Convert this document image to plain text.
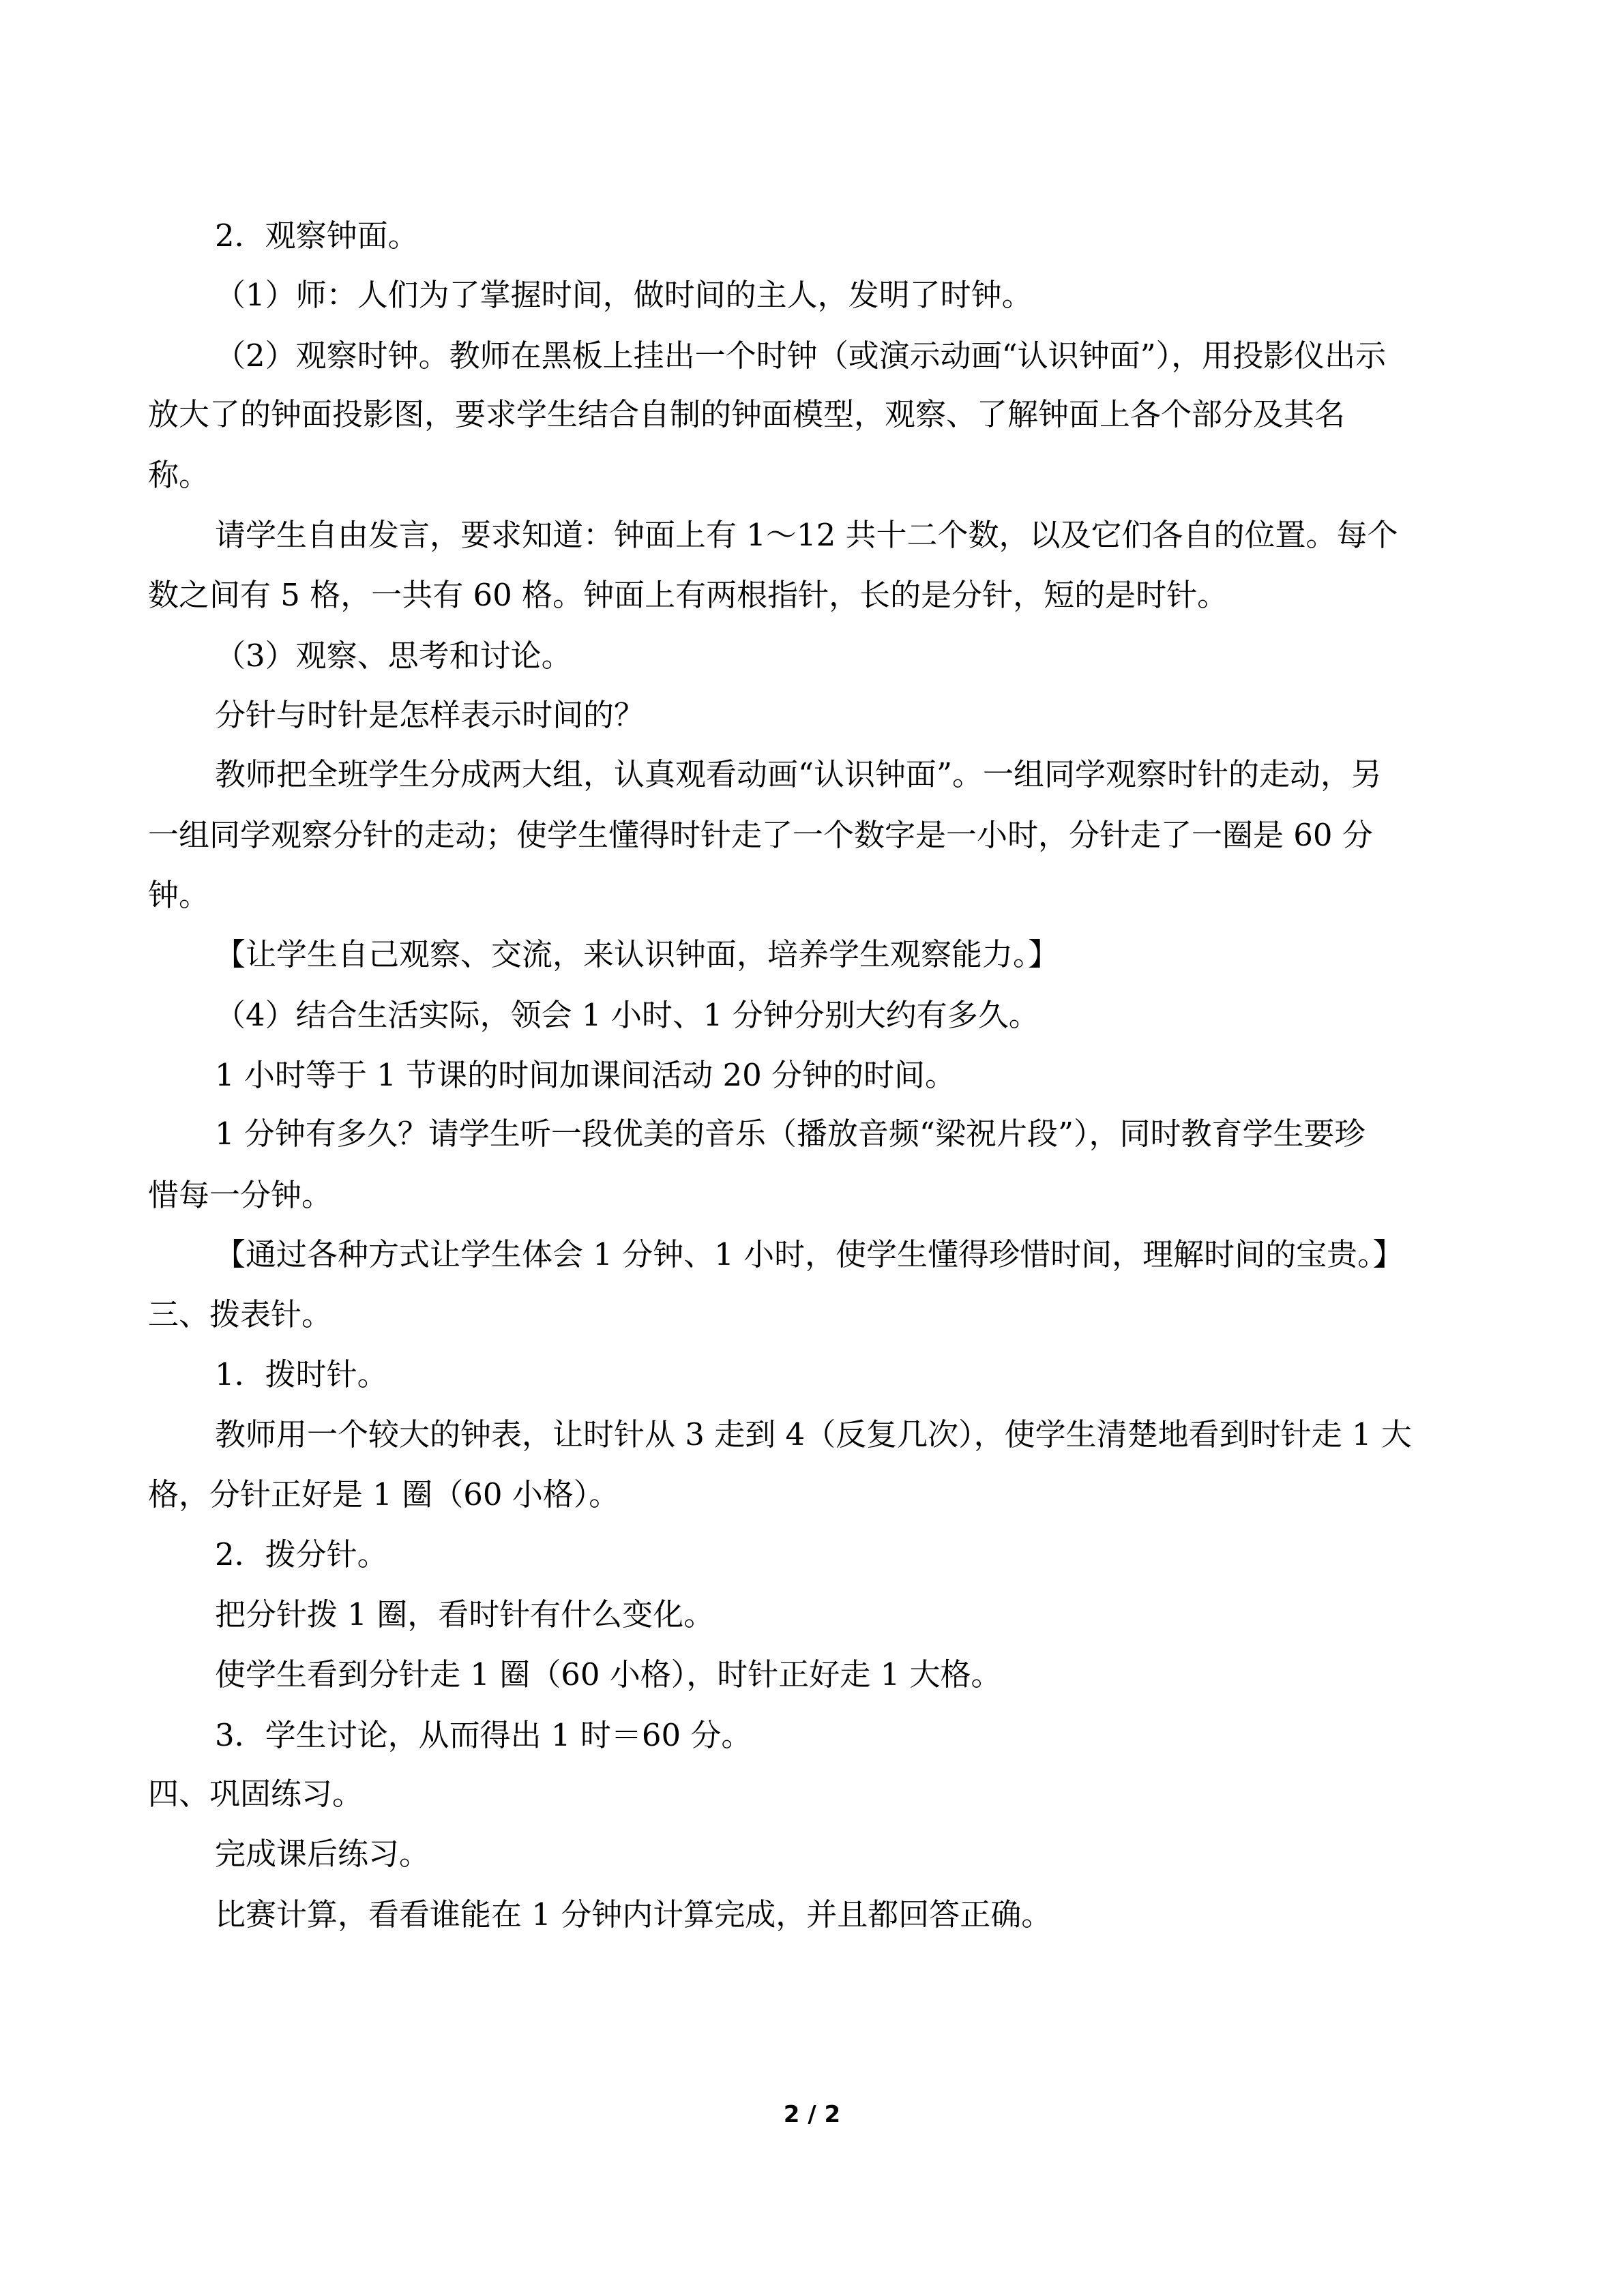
2．观察钟面。
（1）师：人们为了掌握时间，做时间的主人，发明了时钟。
（2）观察时钟。教师在黑板上挂出一个时钟（或演示动画“认识钟面”），用投影仪出示
放大了的钟面投影图，要求学生结合自制的钟面模型，观察、了解钟面上各个部分及其名
称。
请学生自由发言，要求知道：钟面上有 1～12 共十二个数，以及它们各自的位置。每个
数之间有 5 格，一共有 60 格。钟面上有两根指针，长的是分针，短的是时针。
（3）观察、思考和讨论。
分针与时针是怎样表示时间的？
教师把全班学生分成两大组，认真观看动画“认识钟面”。一组同学观察时针的走动，另
一组同学观察分针的走动；使学生懂得时针走了一个数字是一小时，分针走了一圈是 60 分
钟。
【让学生自己观察、交流，来认识钟面，培养学生观察能力。】
（4）结合生活实际，领会 1 小时、1 分钟分别大约有多久。
1 小时等于 1 节课的时间加课间活动 20 分钟的时间。
1 分钟有多久？请学生听一段优美的音乐（播放音频“梁祝片段”），同时教育学生要珍
惜每一分钟。
【通过各种方式让学生体会 1 分钟、1 小时，使学生懂得珍惜时间，理解时间的宝贵。】
三、拨表针。
1．拨时针。
教师用一个较大的钟表，让时针从 3 走到 4（反复几次），使学生清楚地看到时针走 1 大
格，分针正好是 1 圈（60 小格）。
2．拨分针。
把分针拨 1 圈，看时针有什么变化。
使学生看到分针走 1 圈（60 小格），时针正好走 1 大格。
3．学生讨论，从而得出 1 时＝60 分。
四、巩固练习。
完成课后练习。
比赛计算，看看谁能在 1 分钟内计算完成，并且都回答正确。
2 / 2
